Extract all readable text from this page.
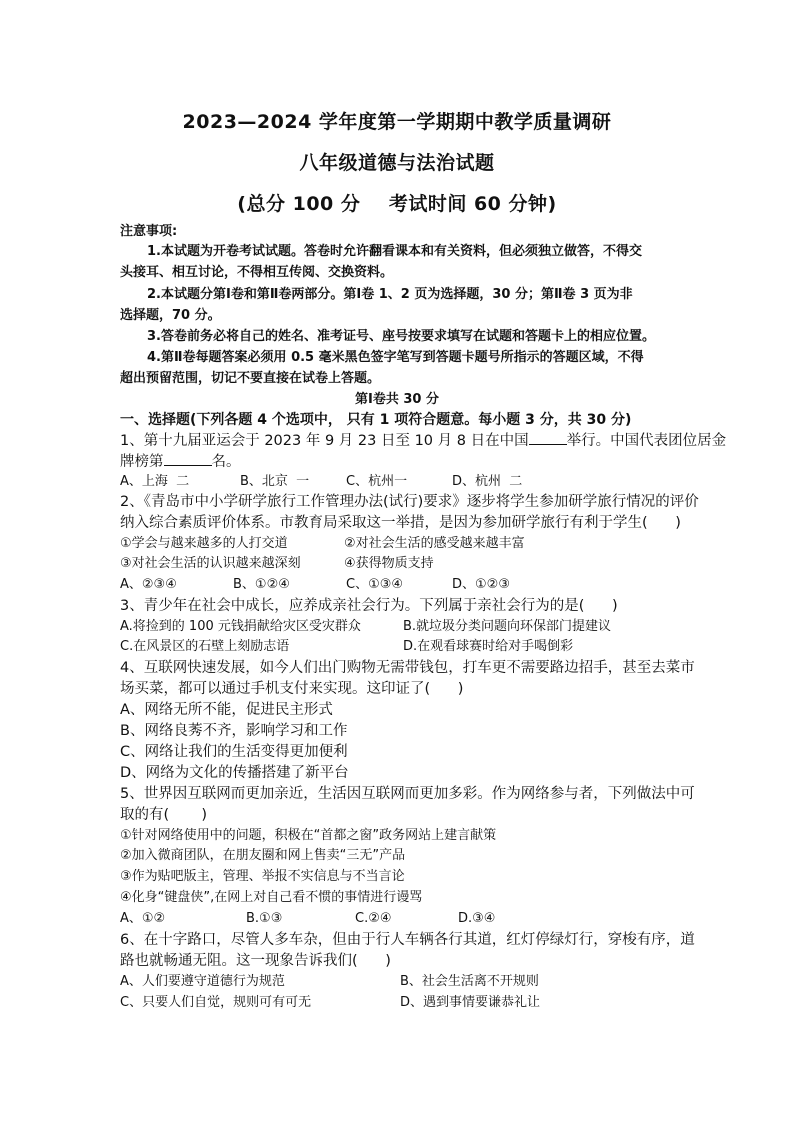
2023—2024 学年度第一学期期中教学质量调研
八年级道德与法治试题
(总分 100 分    考试时间 60 分钟)
注意事项:
1.本试题为开卷考试试题。答卷时允许翻看课本和有关资料，但必须独立做答，不得交
头接耳、相互讨论，不得相互传阅、交换资料。
2.本试题分第Ⅰ卷和第Ⅱ卷两部分。第Ⅰ卷 1、2 页为选择题，30 分；第Ⅱ卷 3 页为非
选择题，70 分。
3.答卷前务必将自己的姓名、准考证号、座号按要求填写在试题和答题卡上的相应位置。
4.第Ⅱ卷每题答案必须用 0.5 毫米黑色签字笔写到答题卡题号所指示的答题区域，不得
超出预留范围，切记不要直接在试卷上答题。
第Ⅰ卷共 30 分
一、选择题(下列各题 4 个选项中， 只有 1 项符合题意。每小题 3 分，共 30 分)
1、第十九届亚运会于 2023 年 9 月 23 日至 10 月 8 日在中国	举行。中国代表团位居金
牌榜第	名。
A、上海  二	B、北京  一	C、杭州一	D、杭州  二
2、《青岛市中小学研学旅行工作管理办法(试行)要求》逐步将学生参加研学旅行情况的评价
纳入综合素质评价体系。市教育局采取这一举措，是因为参加研学旅行有利于学生(      )
①学会与越来越多的人打交道	②对社会生活的感受越来越丰富
③对社会生活的认识越来越深刻	④获得物质支持
A、②③④	B、①②④	C、①③④	D、①②③
3、青少年在社会中成长，应养成亲社会行为。下列属于亲社会行为的是(      )
A.将捡到的 100 元钱捐献给灾区受灾群众	B.就垃圾分类问题向环保部门提建议
C.在风景区的石壁上刻励志语	D.在观看球赛时给对手喝倒彩
4、互联网快速发展，如今人们出门购物无需带钱包，打车更不需要路边招手，甚至去菜市
场买菜，都可以通过手机支付来实现。这印证了(      )
A、网络无所不能，促进民主形式
B、网络良莠不齐，影响学习和工作
C、网络让我们的生活变得更加便利
D、网络为文化的传播搭建了新平台
5、世界因互联网而更加亲近，生活因互联网而更加多彩。作为网络参与者，下列做法中可
取的有(       )
①针对网络使用中的问题，积极在“首都之窗”政务网站上建言献策
②加入微商团队，在朋友圈和网上售卖“三无”产品
③作为贴吧版主，管理、举报不实信息与不当言论
④化身“键盘侠”,在网上对自己看不惯的事情进行谩骂
A、①②	B.①③	C.②④	D.③④
6、在十字路口，尽管人多车杂，但由于行人车辆各行其道，红灯停绿灯行，穿梭有序，道
路也就畅通无阻。这一现象告诉我们(      )
A、人们要遵守道德行为规范	B、社会生活离不开规则
C、只要人们自觉，规则可有可无	D、遇到事情要谦恭礼让
